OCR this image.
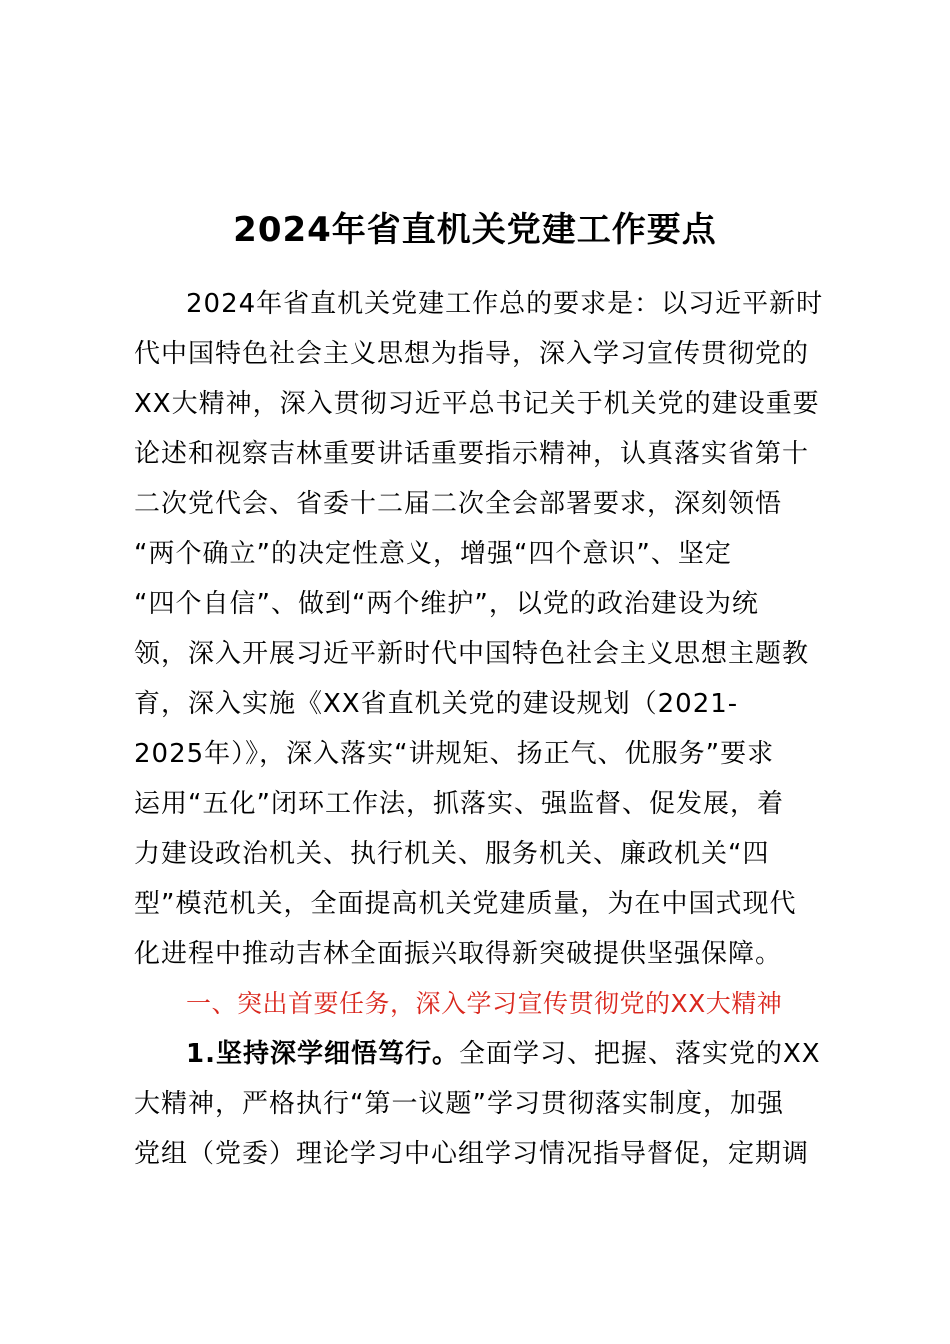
2024年省直机关党建工作要点
2024年省直机关党建工作总的要求是：以习近平新时
代中国特色社会主义思想为指导，深入学习宣传贯彻党的
XX大精神，深入贯彻习近平总书记关于机关党的建设重要
论述和视察吉林重要讲话重要指示精神，认真落实省第十
二次党代会、省委十二届二次全会部署要求，深刻领悟
“两个确立”的决定性意义，增强“四个意识”、坚定
“四个自信”、做到“两个维护”，以党的政治建设为统
领，深入开展习近平新时代中国特色社会主义思想主题教
育，深入实施《XX省直机关党的建设规划（2021-
2025年）》，深入落实“讲规矩、扬正气、优服务”要求
运用“五化”闭环工作法，抓落实、强监督、促发展，着
力建设政治机关、执行机关、服务机关、廉政机关“四
型”模范机关，全面提高机关党建质量，为在中国式现代
化进程中推动吉林全面振兴取得新突破提供坚强保障。
一、突出首要任务，深入学习宣传贯彻党的XX大精神
1.坚持深学细悟笃行。全面学习、把握、落实党的XX
大精神，严格执行“第一议题”学习贯彻落实制度，加强
党组（党委）理论学习中心组学习情况指导督促，定期调
